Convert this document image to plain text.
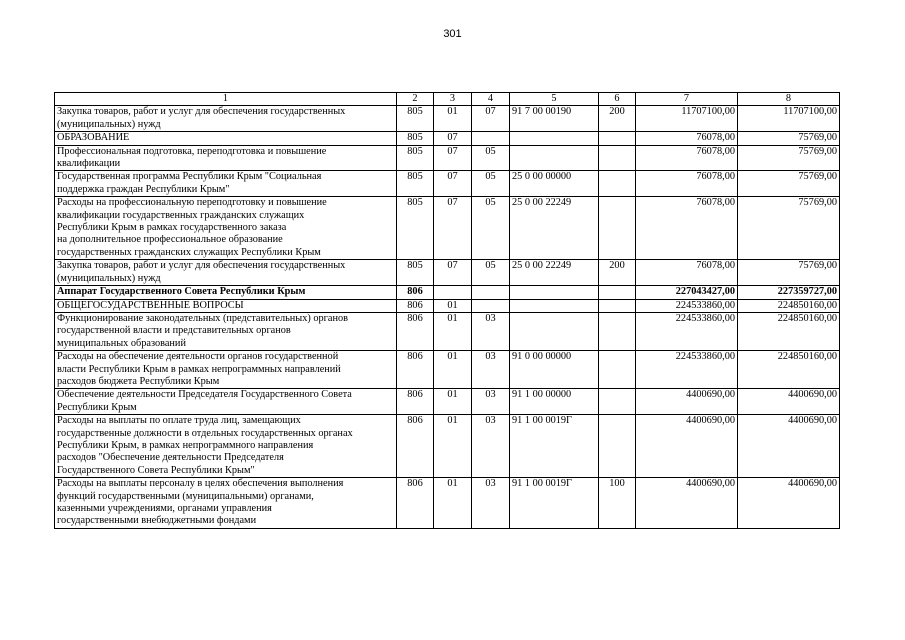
301
1	2	3	4	5	6	7	8
Закупка товаров, работ и услуг для обеспечения государственных
(муниципальных) нужд	805	01	07	91 7 00 00190	200	11707100,00	11707100,00
ОБРАЗОВАНИЕ	805	07				76078,00	75769,00
Профессиональная подготовка, переподготовка и повышение
квалификации	805	07	05			76078,00	75769,00
Государственная программа Республики Крым "Социальная
поддержка граждан Республики Крым"	805	07	05	25 0 00 00000		76078,00	75769,00
Расходы на профессиональную переподготовку и повышение
квалификации государственных гражданских служащих
Республики Крым в рамках государственного заказа
на дополнительное профессиональное образование
государственных гражданских служащих Республики Крым	805	07	05	25 0 00 22249		76078,00	75769,00
Закупка товаров, работ и услуг для обеспечения государственных
(муниципальных) нужд	805	07	05	25 0 00 22249	200	76078,00	75769,00
Аппарат Государственного Совета Республики Крым	806					227043427,00	227359727,00
ОБЩЕГОСУДАРСТВЕННЫЕ ВОПРОСЫ	806	01				224533860,00	224850160,00
Функционирование законодательных (представительных) органов
государственной власти и представительных органов
муниципальных образований	806	01	03			224533860,00	224850160,00
Расходы на обеспечение деятельности органов государственной
власти Республики Крым в рамках непрограммных направлений
расходов бюджета Республики Крым	806	01	03	91 0 00 00000		224533860,00	224850160,00
Обеспечение деятельности Председателя Государственного Совета
Республики Крым	806	01	03	91 1 00 00000		4400690,00	4400690,00
Расходы на выплаты по оплате труда лиц, замещающих
государственные должности в отдельных государственных органах
Республики Крым, в рамках непрограммного направления
расходов "Обеспечение деятельности Председателя
Государственного Совета Республики Крым"	806	01	03	91 1 00 0019Г		4400690,00	4400690,00
Расходы на выплаты персоналу в целях обеспечения выполнения
функций государственными (муниципальными) органами,
казенными учреждениями, органами управления
государственными внебюджетными фондами	806	01	03	91 1 00 0019Г	100	4400690,00	4400690,00
